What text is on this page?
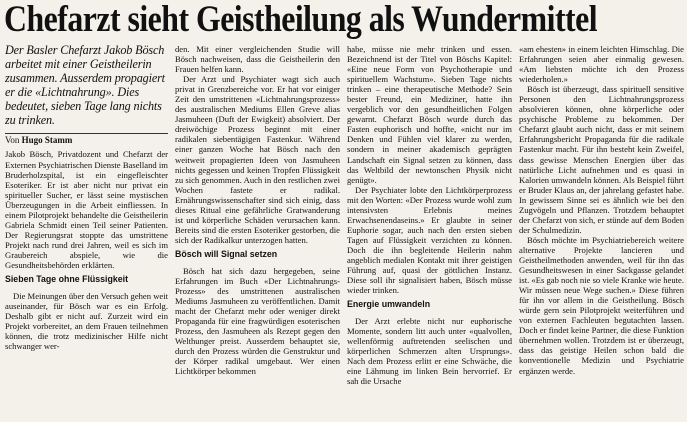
Chefarzt sieht Geistheilung als Wundermittel
Der Basler Chefarzt Jakob Bösch arbeitet mit einer Geistheilerin zusammen. Ausserdem propagiert er die «Lichtnahrung». Dies bedeutet, sieben Tage lang nichts zu trinken.
Von Hugo Stamm

Jakob Bösch, Privatdozent und Chefarzt der Externen Psychiatrischen Dienste Baselland im Bruderholzspital, ist ein eingefleischter Esoteriker. Er ist aber nicht nur privat ein spiritueller Sucher, er lässt seine mystischen Überzeugungen in die Arbeit einfliessen. In einem Pilotprojekt behandelte die Geistheilerin Gabriela Schmidt einen Teil seiner Patienten. Der Regierungsrat stoppte das umstrittene Projekt nach rund drei Jahren, weil es sich im Graubereich abspiele, wie die Gesundheitsbehörden erklärten.

Sieben Tage ohne Flüssigkeit

Die Meinungen über den Versuch gehen weit auseinander, für Bösch war es ein Erfolg. Deshalb gibt er nicht auf. Zurzeit wird ein Projekt vorbereitet, an dem Frauen teilnehmen können, die trotz medizinischer Hilfe nicht schwanger wer-

den. Mit einer vergleichenden Studie will Bösch nachweisen, dass die Geistheilerin den Frauen helfen kann.

Der Arzt und Psychiater wagt sich auch privat in Grenzbereiche vor. Er hat vor einiger Zeit den umstrittenen «Lichtnahrungsprozess» des australischen Mediums Ellen Greve alias Jasmuheen (Duft der Ewigkeit) absolviert. Der dreiwöchige Prozess beginnt mit einer radikalen siebentägigen Fastenkur. Während einer ganzen Woche hat Bösch nach den weitweit propagierten Ideen von Jasmuheen nichts gegessen und keinen Tropfen Flüssigkeit zu sich genommen. Auch in den restlichen zwei Wochen fastete er radikal. Ernährungswissenschafter sind sich einig, dass dieses Ritual eine gefährliche Gratwanderung ist und körperliche Schäden verursachen kann. Bereits sind die ersten Esoteriker gestorben, die sich der Radikalkur unterzogen hatten.

Bösch will Signal setzen

Bösch hat sich dazu hergegeben, seine Erfahrungen im Buch «Der Lichtnahrungs-Prozess» des umstrittenen australischen Mediums Jasmuheen zu veröffentlichen. Damit macht der Chefarzt mehr oder weniger direkt Propaganda für eine fragwürdigen esoterischen Prozess, den Jasmuheen als Rezept gegen den Welthunger preist. Ausserdem behauptet sie, durch den Prozess würden die Genstruktur und der Körper radikal umgebaut. Wer einen Lichtkörper bekommen

habe, müsse nie mehr trinken und essen. Bezeichnend ist der Titel von Böschs Kapitel: «Eine neue Form von Psychotherapie und spirituellem Wachstum». Sieben Tage nichts trinken – eine therapeutische Methode? Sein bester Freund, ein Mediziner, hatte ihn vergeblich vor den gesundheitlichen Folgen gewarnt. Chefarzt Bösch wurde durch das Fasten euphorisch und hoffte, «nicht nur im Denken und Fühlen viel klarer zu werden, sondern in meiner akademisch geprägten Landschaft ein Signal setzen zu können, dass das Weltbild der newtonschen Physik nicht genügt».

Der Psychiater lobte den Lichtkörperprozess mit den Worten: «Der Prozess wurde wohl zum intensivsten Erlebnis meines Erwachsenendaseins.» Er glaubte in seiner Euphorie sogar, auch nach den ersten sieben Tagen auf Flüssigkeit verzichten zu können. Doch die ihn begleitende Heilerin nahm angeblich medialen Kontakt mit ihrer geistigen Führung auf, quasi der göttlichen Instanz. Diese soll ihr signalisiert haben, Bösch müsse wieder trinken.

Energie umwandeln

Der Arzt erlebte nicht nur euphorische Momente, sondern litt auch unter «qualvollen, wellenförmig auftretenden seelischen und körperlichen Schmerzen alten Ursprungs». Nach dem Prozess erlitt er eine Schwäche, die eine Lähmung im linken Bein hervorrief. Er sah die Ursache

«am ehesten» in einem leichten Himschlag. Die Erfahrungen seien aber einmalig gewesen. «Am liebsten möchte ich den Prozess wiederholen.»

Bösch ist überzeugt, dass spirituell sensitive Personen den Lichtnahrungsprozess absolvieren können, ohne körperliche oder psychische Probleme zu bekommen. Der Chefarzt glaubt auch nicht, dass er mit seinem Erfahrungsbericht Propaganda für die radikale Fastenkur macht. Für ihn besteht kein Zweifel, dass gewisse Menschen Energien über das natürliche Licht aufnehmen und es quasi in Kalorien umwandeln können. Als Beispiel führt er Bruder Klaus an, der jahrelang gefastet habe. In gewissem Sinne sei es ähnlich wie bei den Zugvögeln und Pflanzen. Trotzdem behauptet der Chefarzt von sich, er stünde auf dem Boden der Schulmedizin.

Bösch möchte im Psychiatriebereich weitere alternative Projekte lancieren und Geistheilmethoden anwenden, weil für ihn das Gesundheitswesen in einer Sackgasse gelandet ist. «Es gab noch nie so viele Kranke wie heute. Wir müssen neue Wege suchen.» Diese führen für ihn vor allem in die Geistheilung. Bösch würde gern sein Pilotprojekt weiterführen und von externen Fachleuten begutachten lassen. Doch er findet keine Partner, die diese Funktion übernehmen wollen. Trotzdem ist er überzeugt, dass das geistige Heilen schon bald die konventionelle Medizin und Psychiatrie ergänzen werde.
